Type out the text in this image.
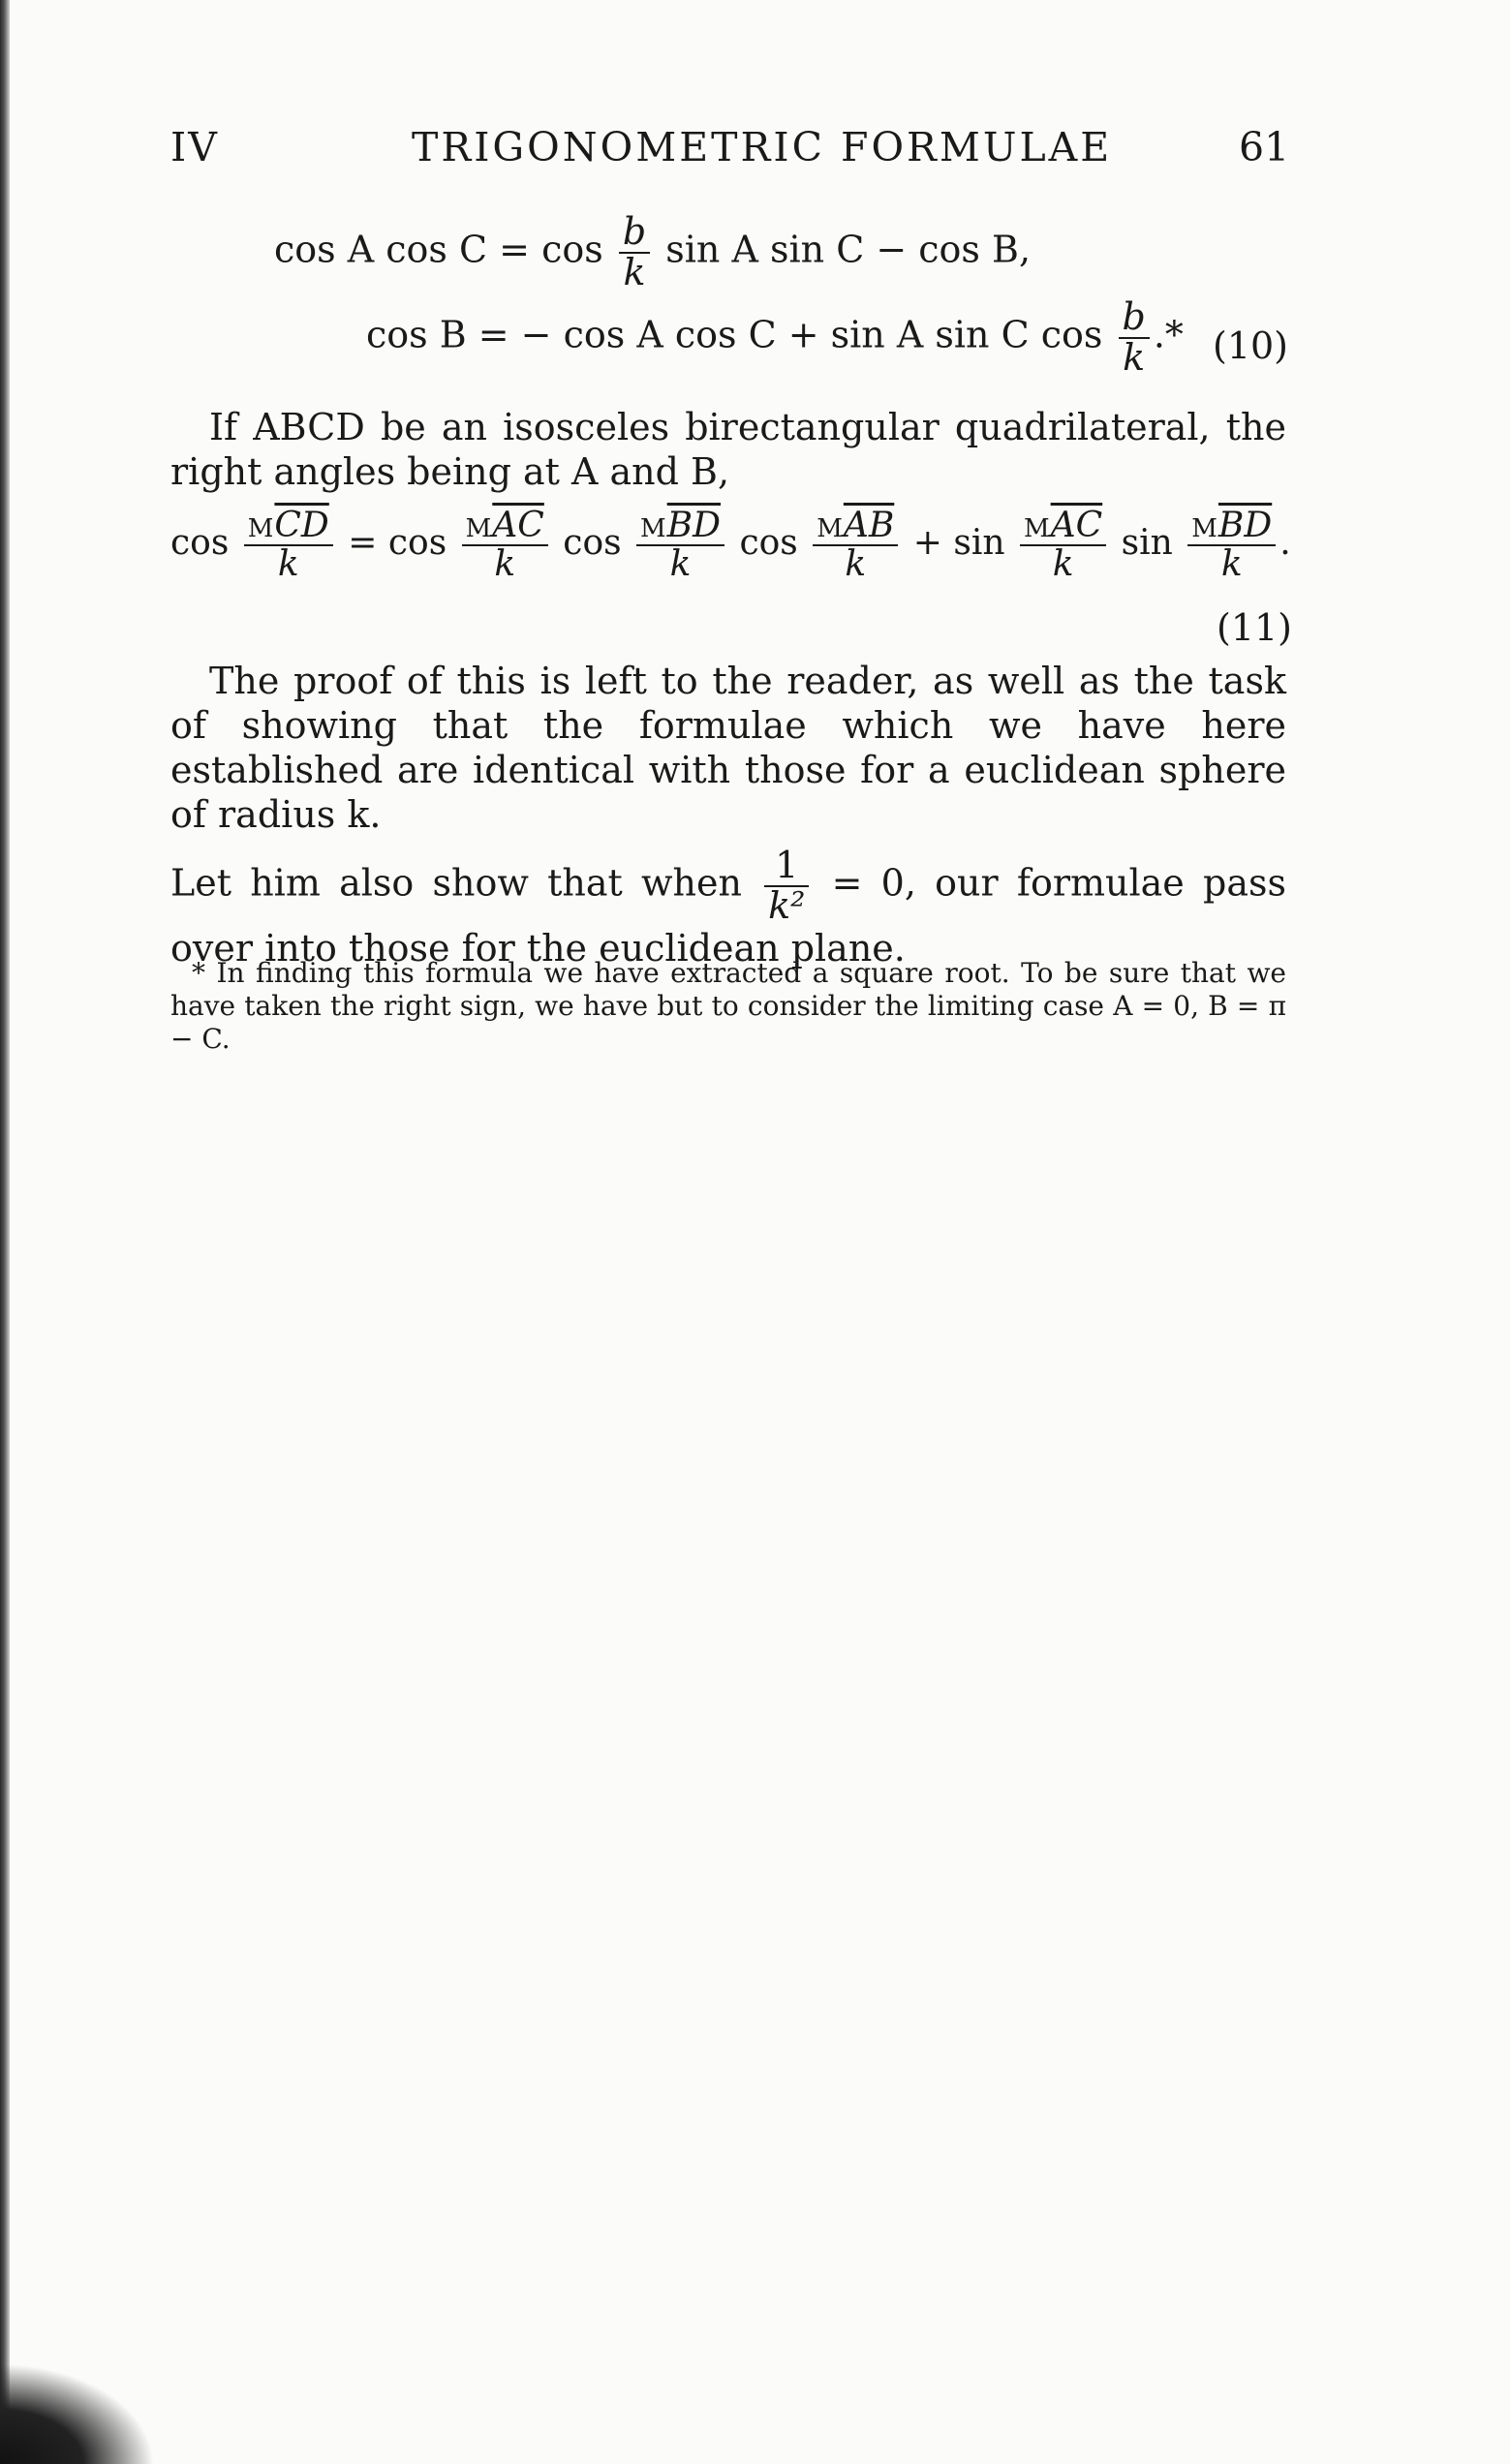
IV	TRIGONOMETRIC FORMULAE	61
cos A $\cos C = \cos \frac{b}{k}$ sin A sin C − cos B,
cos B = − cos A cos C + sin A sin C $\cos \frac{b}{k}$ .* (10)
If ABCD be an isosceles birectangular quadrilateral, the right angles being at A and B,
$\cos \frac{M\overline{CD}}{k} = \cos \frac{M\overline{AC}}{k}$ $\cos \frac{M\overline{BD}}{k}$ $\cos \frac{M\overline{AB}}{k} + \sin \frac{M\overline{AC}}{k}$ $\sin \frac{M\overline{BD}}{k}$ .
(11)
The proof of this is left to the reader, as well as the task of showing that the formulae which we have here established are identical with those for a euclidean sphere of radius k.
Let him also show that when $\frac{1}{\text{k²}} = 0$, our formulae pass over into those for the euclidean plane.
* In finding this formula we have extracted a square root. To be sure that we have taken the right sign, we have but to consider the limiting case A = 0, B = π − C.
